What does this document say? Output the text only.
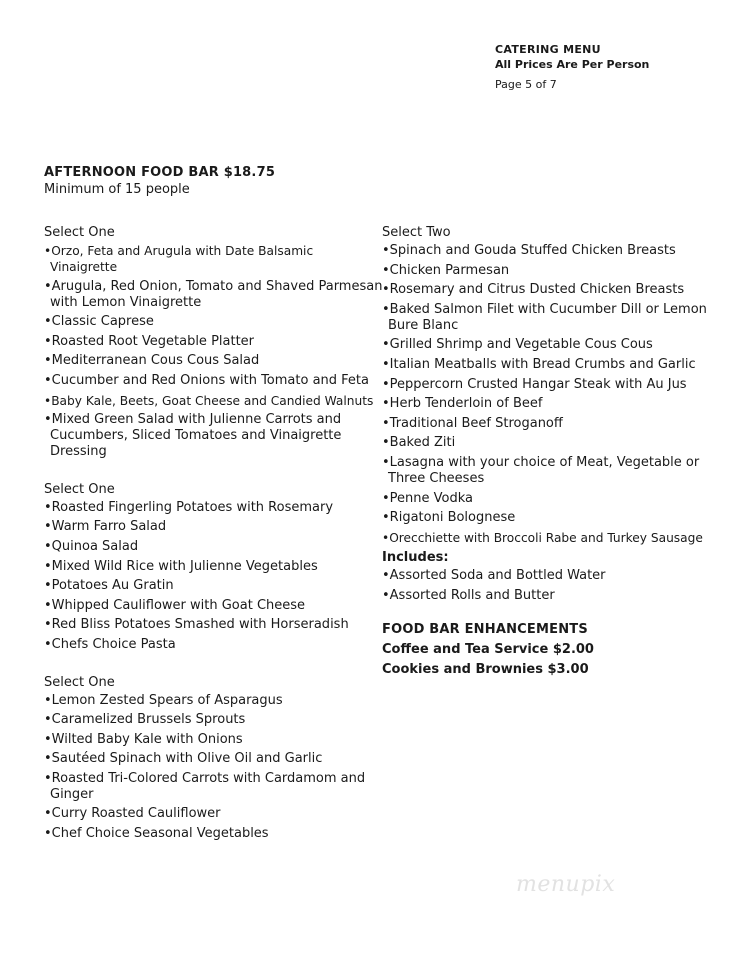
CATERING MENU
All Prices Are Per Person
Page 5 of 7
AFTERNOON FOOD BAR $18.75
Minimum of 15 people
Select One
•Orzo, Feta and Arugula with Date Balsamic Vinaigrette
•Arugula, Red Onion, Tomato and Shaved Parmesan with Lemon Vinaigrette
•Classic Caprese
•Roasted Root Vegetable Platter
•Mediterranean Cous Cous Salad
•Cucumber and Red Onions with Tomato and Feta
•Baby Kale, Beets, Goat Cheese and Candied Walnuts
•Mixed Green Salad with Julienne Carrots and Cucumbers, Sliced Tomatoes and Vinaigrette Dressing
Select One
•Roasted Fingerling Potatoes with Rosemary
•Warm Farro Salad
•Quinoa Salad
•Mixed Wild Rice with Julienne Vegetables
•Potatoes Au Gratin
•Whipped Cauliflower with Goat Cheese
•Red Bliss Potatoes Smashed with Horseradish
•Chefs Choice Pasta
Select One
•Lemon Zested Spears of Asparagus
•Caramelized Brussels Sprouts
•Wilted Baby Kale with Onions
•Sautéed Spinach with Olive Oil and Garlic
•Roasted Tri-Colored Carrots with Cardamom and Ginger
•Curry Roasted Cauliflower
•Chef Choice Seasonal Vegetables
Select Two
•Spinach and Gouda Stuffed Chicken Breasts
•Chicken Parmesan
•Rosemary and Citrus Dusted Chicken Breasts
•Baked Salmon Filet with Cucumber Dill or Lemon Bure Blanc
•Grilled Shrimp and Vegetable Cous Cous
•Italian Meatballs with Bread Crumbs and Garlic
•Peppercorn Crusted Hangar Steak with Au Jus
•Herb Tenderloin of Beef
•Traditional Beef Stroganoff
•Baked Ziti
•Lasagna with your choice of Meat, Vegetable or Three Cheeses
•Penne Vodka
•Rigatoni Bolognese
•Orecchiette with Broccoli Rabe and Turkey Sausage
Includes:
•Assorted Soda and Bottled Water
•Assorted Rolls and Butter
FOOD BAR ENHANCEMENTS
Coffee and Tea Service $2.00
Cookies and Brownies $3.00
menupix
